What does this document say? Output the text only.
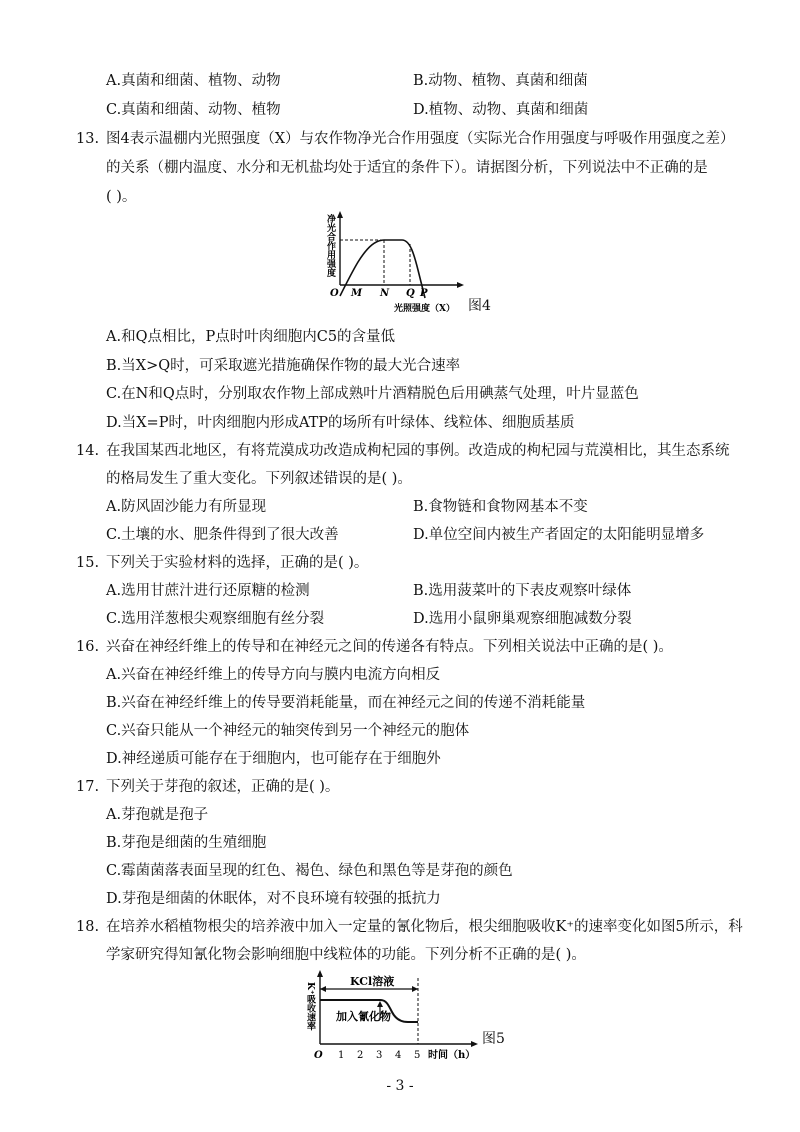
A.真菌和细菌、植物、动物	B.动物、植物、真菌和细菌
C.真菌和细菌、动物、植物	D.植物、动物、真菌和细菌
13. 图4表示温棚内光照强度（X）与农作物净光合作用强度（实际光合作用强度与呼吸作用强度之差）
的关系（棚内温度、水分和无机盐均处于适宜的条件下）。请据图分析，下列说法中不正确的是
( )。
净光合作用强度
O M N Q P
光照强度（X） 图4
A.和Q点相比，P点时叶肉细胞内C5的含量低
B.当X>Q时，可采取遮光措施确保作物的最大光合速率
C.在N和Q点时，分别取农作物上部成熟叶片酒精脱色后用碘蒸气处理，叶片显蓝色
D.当X=P时，叶肉细胞内形成ATP的场所有叶绿体、线粒体、细胞质基质
14. 在我国某西北地区，有将荒漠成功改造成枸杞园的事例。改造成的枸杞园与荒漠相比，其生态系统
的格局发生了重大变化。下列叙述错误的是( )。
A.防风固沙能力有所显现	B.食物链和食物网基本不变
C.土壤的水、肥条件得到了很大改善	D.单位空间内被生产者固定的太阳能明显增多
15. 下列关于实验材料的选择，正确的是( )。
A.选用甘蔗汁进行还原糖的检测	B.选用菠菜叶的下表皮观察叶绿体
C.选用洋葱根尖观察细胞有丝分裂	D.选用小鼠卵巢观察细胞减数分裂
16. 兴奋在神经纤维上的传导和在神经元之间的传递各有特点。下列相关说法中正确的是( )。
A.兴奋在神经纤维上的传导方向与膜内电流方向相反
B.兴奋在神经纤维上的传导要消耗能量，而在神经元之间的传递不消耗能量
C.兴奋只能从一个神经元的轴突传到另一个神经元的胞体
D.神经递质可能存在于细胞内，也可能存在于细胞外
17. 下列关于芽孢的叙述，正确的是( )。
A.芽孢就是孢子
B.芽孢是细菌的生殖细胞
C.霉菌菌落表面呈现的红色、褐色、绿色和黑色等是芽孢的颜色
D.芽孢是细菌的休眠体，对不良环境有较强的抵抗力
18. 在培养水稻植物根尖的培养液中加入一定量的氰化物后，根尖细胞吸收K⁺的速率变化如图5所示，科
学家研究得知氰化物会影响细胞中线粒体的功能。下列分析不正确的是( )。
KCl溶液
加入氰化物
K⁺吸收速率
O 1 2 3 4 5 时间（h）
图5
- 3 -
